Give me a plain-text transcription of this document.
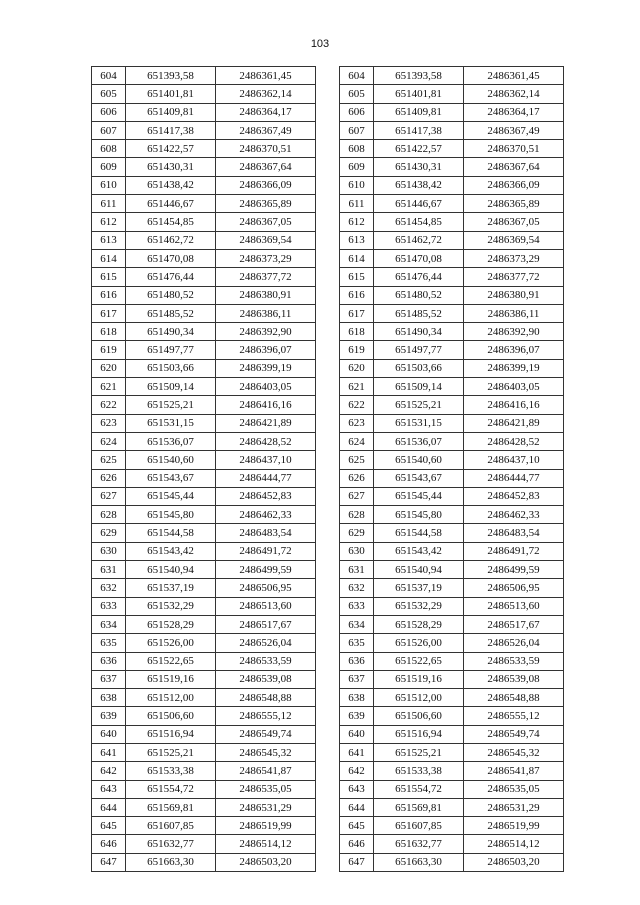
103
604	651393,58	2486361,45
605	651401,81	2486362,14
606	651409,81	2486364,17
607	651417,38	2486367,49
608	651422,57	2486370,51
609	651430,31	2486367,64
610	651438,42	2486366,09
611	651446,67	2486365,89
612	651454,85	2486367,05
613	651462,72	2486369,54
614	651470,08	2486373,29
615	651476,44	2486377,72
616	651480,52	2486380,91
617	651485,52	2486386,11
618	651490,34	2486392,90
619	651497,77	2486396,07
620	651503,66	2486399,19
621	651509,14	2486403,05
622	651525,21	2486416,16
623	651531,15	2486421,89
624	651536,07	2486428,52
625	651540,60	2486437,10
626	651543,67	2486444,77
627	651545,44	2486452,83
628	651545,80	2486462,33
629	651544,58	2486483,54
630	651543,42	2486491,72
631	651540,94	2486499,59
632	651537,19	2486506,95
633	651532,29	2486513,60
634	651528,29	2486517,67
635	651526,00	2486526,04
636	651522,65	2486533,59
637	651519,16	2486539,08
638	651512,00	2486548,88
639	651506,60	2486555,12
640	651516,94	2486549,74
641	651525,21	2486545,32
642	651533,38	2486541,87
643	651554,72	2486535,05
644	651569,81	2486531,29
645	651607,85	2486519,99
646	651632,77	2486514,12
647	651663,30	2486503,20
604	651393,58	2486361,45
605	651401,81	2486362,14
606	651409,81	2486364,17
607	651417,38	2486367,49
608	651422,57	2486370,51
609	651430,31	2486367,64
610	651438,42	2486366,09
611	651446,67	2486365,89
612	651454,85	2486367,05
613	651462,72	2486369,54
614	651470,08	2486373,29
615	651476,44	2486377,72
616	651480,52	2486380,91
617	651485,52	2486386,11
618	651490,34	2486392,90
619	651497,77	2486396,07
620	651503,66	2486399,19
621	651509,14	2486403,05
622	651525,21	2486416,16
623	651531,15	2486421,89
624	651536,07	2486428,52
625	651540,60	2486437,10
626	651543,67	2486444,77
627	651545,44	2486452,83
628	651545,80	2486462,33
629	651544,58	2486483,54
630	651543,42	2486491,72
631	651540,94	2486499,59
632	651537,19	2486506,95
633	651532,29	2486513,60
634	651528,29	2486517,67
635	651526,00	2486526,04
636	651522,65	2486533,59
637	651519,16	2486539,08
638	651512,00	2486548,88
639	651506,60	2486555,12
640	651516,94	2486549,74
641	651525,21	2486545,32
642	651533,38	2486541,87
643	651554,72	2486535,05
644	651569,81	2486531,29
645	651607,85	2486519,99
646	651632,77	2486514,12
647	651663,30	2486503,20
